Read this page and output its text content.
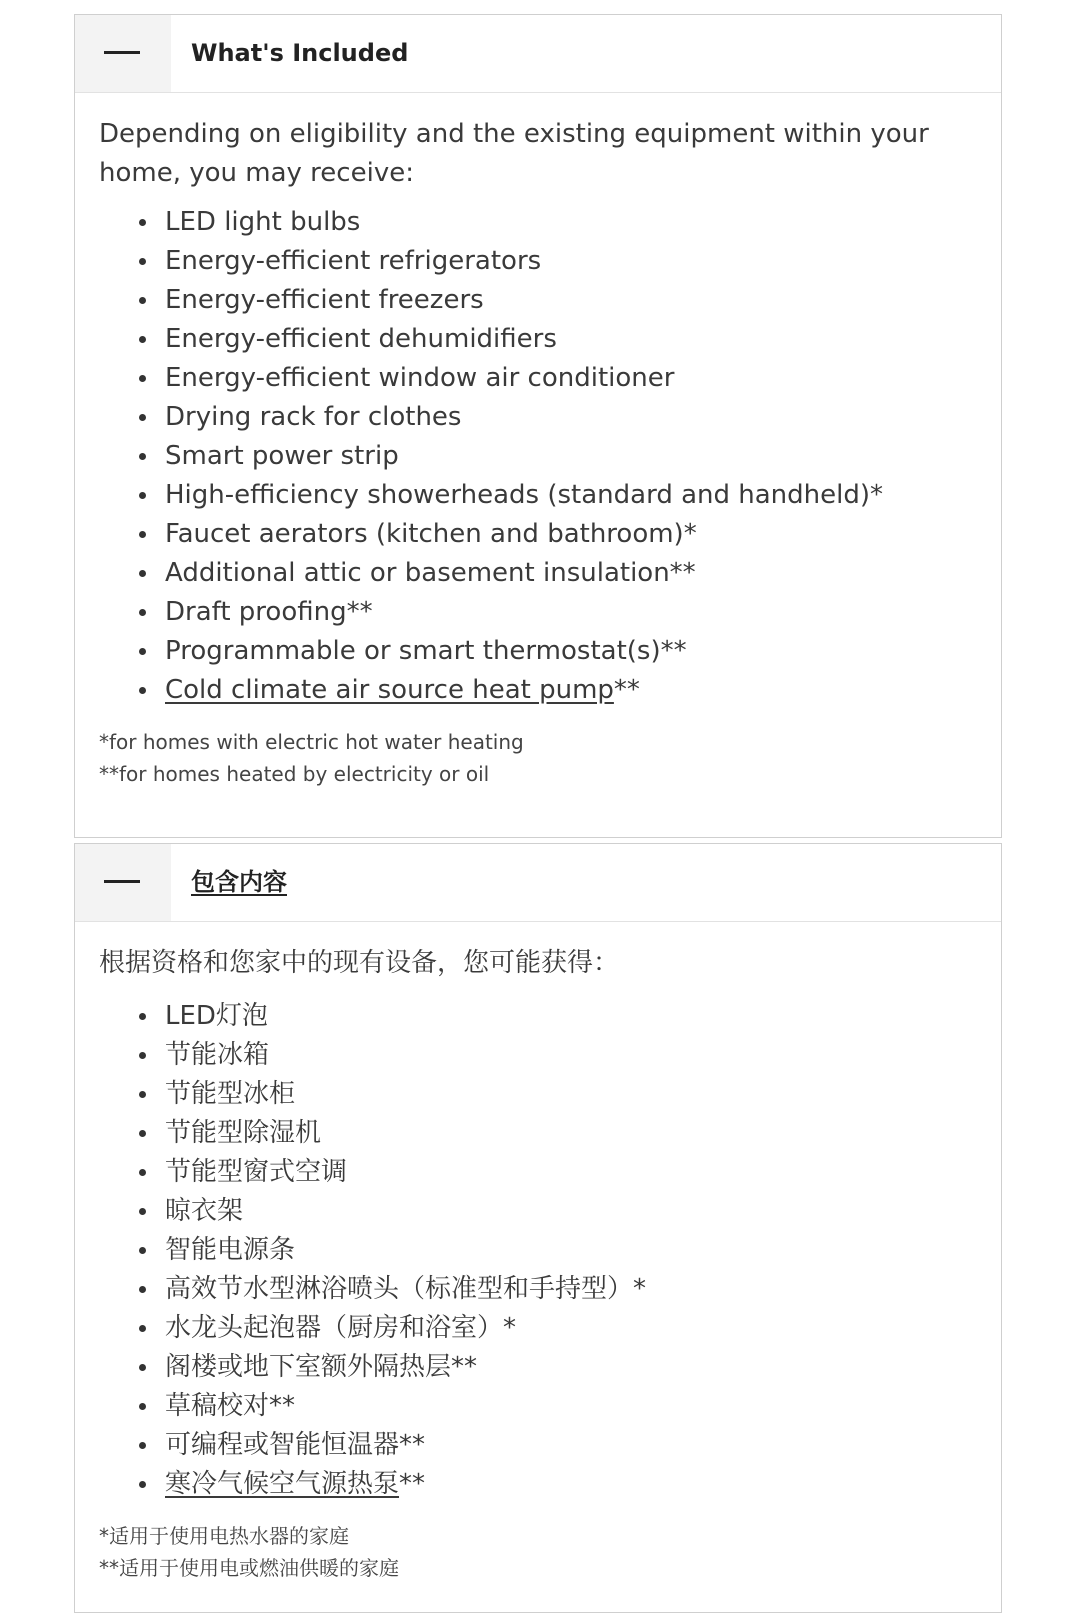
What's Included

Depending on eligibility and the existing equipment within your home, you may receive:

LED light bulbs
Energy-efficient refrigerators
Energy-efficient freezers
Energy-efficient dehumidifiers
Energy-efficient window air conditioner
Drying rack for clothes
Smart power strip
High-efficiency showerheads (standard and handheld)*
Faucet aerators (kitchen and bathroom)*
Additional attic or basement insulation**
Draft proofing**
Programmable or smart thermostat(s)**
Cold climate air source heat pump**
*for homes with electric hot water heating
**for homes heated by electricity or oil
包含内容

根据资格和您家中的现有设备，您可能获得：

LED灯泡
节能冰箱
节能型冰柜
节能型除湿机
节能型窗式空调
晾衣架
智能电源条
高效节水型淋浴喷头（标准型和手持型）*
水龙头起泡器（厨房和浴室）*
阁楼或地下室额外隔热层**
草稿校对**
可编程或智能恒温器**
寒冷气候空气源热泵**
*适用于使用电热水器的家庭
**适用于使用电或燃油供暖的家庭
